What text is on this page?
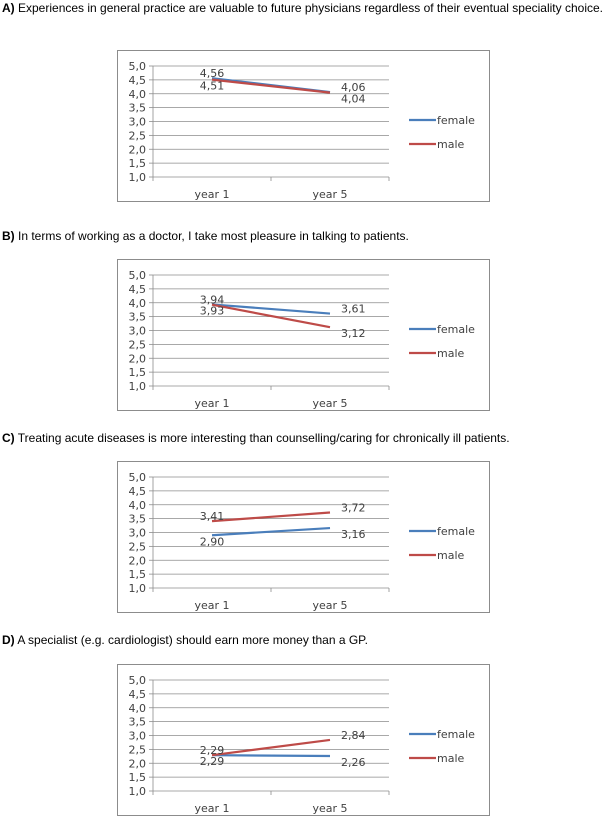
A) Experiences in general practice are valuable to future physicians regardless of their eventual speciality choice.
5,0
4,5
4,0
3,5
3,0
2,5
2,0
1,5
1,0
year 1	year 5
4,56
4,51	4,06
4,04
female
male
B) In terms of working as a doctor, I take most pleasure in talking to patients.
5,0
4,5
4,0
3,5
3,0
2,5
2,0
1,5
1,0
year 1	year 5
3,94
3,93	3,61
3,12	female
male
C) Treating acute diseases is more interesting than counselling/caring for chronically ill patients.
5,0
4,5
4,0
3,5
3,0
2,5
2,0
1,5
1,0
year 1	year 5
3,41
2,90
3,72
3,16	female
male
D) A specialist (e.g. cardiologist) should earn more money than a GP.
5,0
4,5
4,0
3,5
3,0
2,5
2,0
1,5
1,0
year 1	year 5
2,29
2,29
2,84
2,26
female
male
